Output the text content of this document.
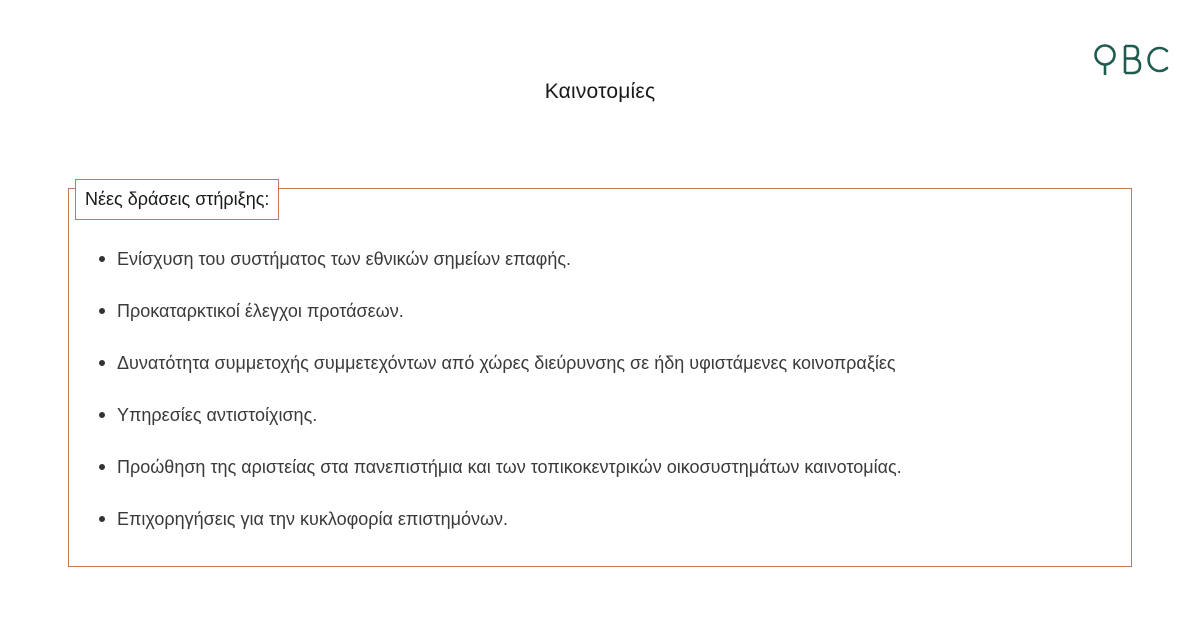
Καινοτομίες
Νέες δράσεις στήριξης:
Ενίσχυση του συστήματος των εθνικών σημείων επαφής.
Προκαταρκτικοί έλεγχοι προτάσεων.
Δυνατότητα συμμετοχής συμμετεχόντων από χώρες διεύρυνσης σε ήδη υφιστάμενες κοινοπραξίες
Υπηρεσίες αντιστοίχισης.
Προώθηση της αριστείας στα πανεπιστήμια και των τοπικοκεντρικών οικοσυστημάτων καινοτομίας.
Επιχορηγήσεις για την κυκλοφορία επιστημόνων.
